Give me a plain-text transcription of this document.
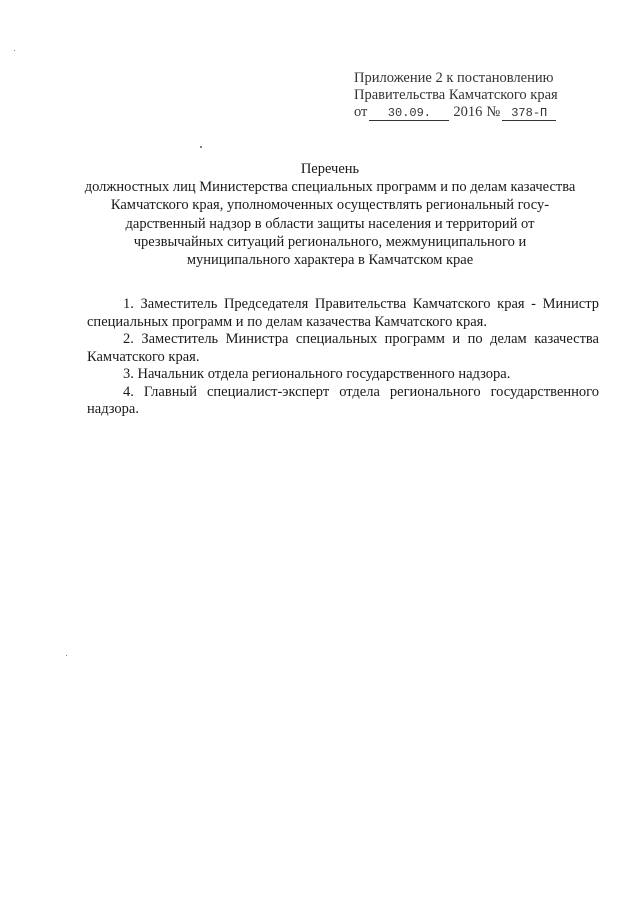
Приложение 2 к постановлению
Правительства Камчатского края
от	30.09.	2016 № 378-П
Перечень
должностных лиц Министерства специальных программ и по делам казачества
Камчатского края, уполномоченных осуществлять региональный госу-
дарственный надзор в области защиты населения и территорий от
чрезвычайных ситуаций регионального, межмуниципального и
муниципального характера в Камчатском крае

1. Заместитель Председателя Правительства Камчатского края - Министр специальных программ и по делам казачества Камчатского края.

2. Заместитель Министра специальных программ и по делам казачества Камчатского края.

3. Начальник отдела регионального государственного надзора.

4. Главный специалист-эксперт отдела регионального государственного надзора.
